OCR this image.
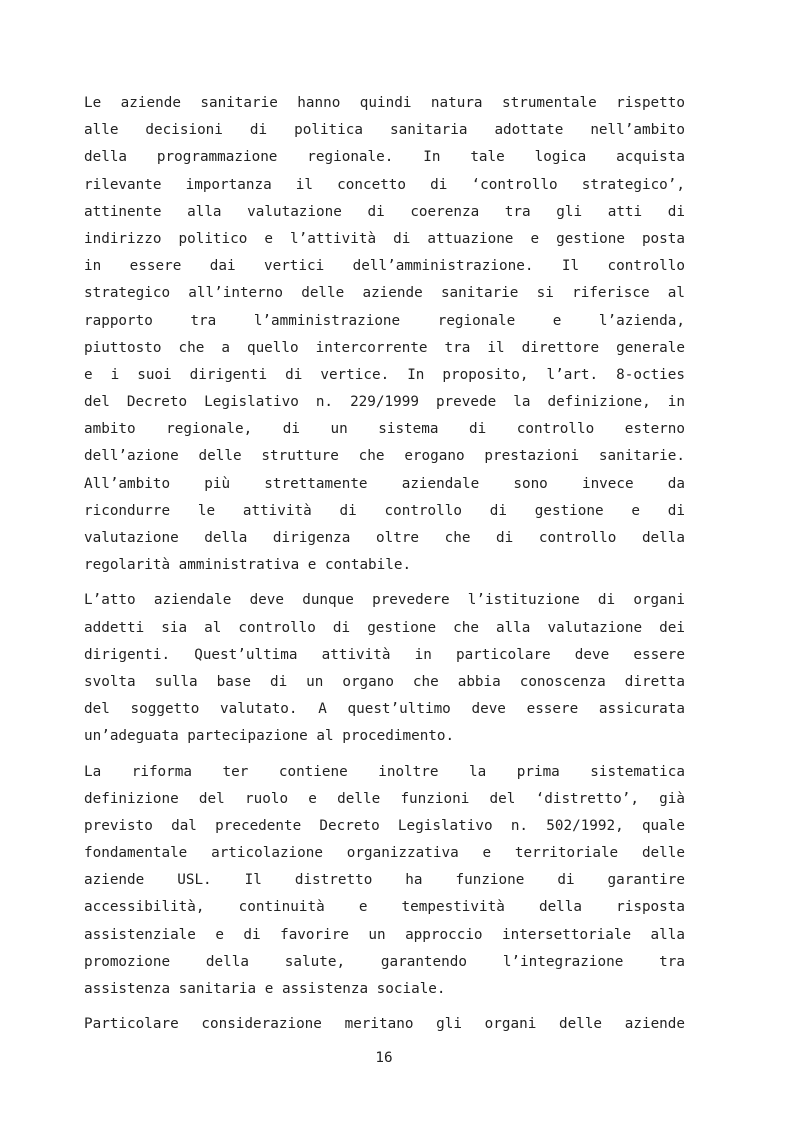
Le aziende sanitarie hanno quindi natura strumentale rispetto
alle decisioni di politica sanitaria adottate nell’ambito
della programmazione regionale. In tale logica acquista
rilevante importanza il concetto di ‘controllo strategico’,
attinente alla valutazione di coerenza tra gli atti di
indirizzo politico e l’attività di attuazione e gestione posta
in essere dai vertici dell’amministrazione. Il controllo
strategico all’interno delle aziende sanitarie si riferisce al
rapporto tra l’amministrazione regionale e l’azienda,
piuttosto che a quello intercorrente tra il direttore generale
e i suoi dirigenti di vertice. In proposito, l’art. 8-octies
del Decreto Legislativo n. 229/1999 prevede la definizione, in
ambito regionale, di un sistema di controllo esterno
dell’azione delle strutture che erogano prestazioni sanitarie.
All’ambito più strettamente aziendale sono invece da
ricondurre le attività di controllo di gestione e di
valutazione della dirigenza oltre che di controllo della
regolarità amministrativa e contabile.
L’atto aziendale deve dunque prevedere l’istituzione di organi
addetti sia al controllo di gestione che alla valutazione dei
dirigenti. Quest’ultima attività in particolare deve essere
svolta sulla base di un organo che abbia conoscenza diretta
del soggetto valutato. A quest’ultimo deve essere assicurata
un’adeguata partecipazione al procedimento.
La riforma ter contiene inoltre la prima sistematica
definizione del ruolo e delle funzioni del ‘distretto’, già
previsto dal precedente Decreto Legislativo n. 502/1992, quale
fondamentale articolazione organizzativa e territoriale delle
aziende USL. Il distretto ha funzione di garantire
accessibilità, continuità e tempestività della risposta
assistenziale e di favorire un approccio intersettoriale alla
promozione della salute, garantendo l’integrazione tra
assistenza sanitaria e assistenza sociale.
Particolare considerazione meritano gli organi delle aziende
16
